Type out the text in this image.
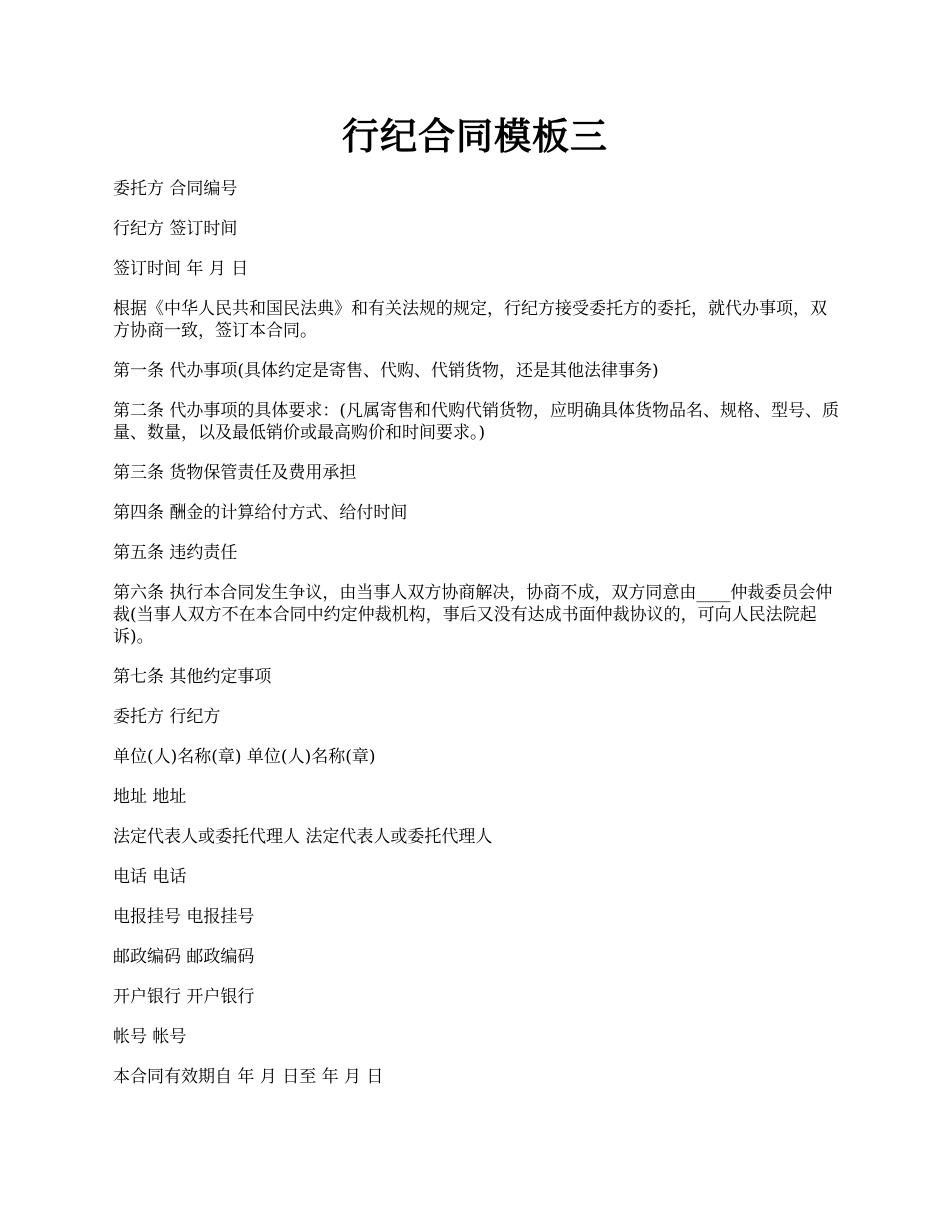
行纪合同模板三

委托方 合同编号

行纪方 签订时间

签订时间 年 月 日

根据《中华人民共和国民法典》和有关法规的规定，行纪方接受委托方的委托，就代办事项，双方协商一致，签订本合同。

第一条 代办事项(具体约定是寄售、代购、代销货物，还是其他法律事务)

第二条 代办事项的具体要求：(凡属寄售和代购代销货物，应明确具体货物品名、规格、型号、质量、数量，以及最低销价或最高购价和时间要求。)

第三条 货物保管责任及费用承担

第四条 酬金的计算给付方式、给付时间

第五条 违约责任

第六条 执行本合同发生争议，由当事人双方协商解决，协商不成，双方同意由____仲裁委员会仲裁(当事人双方不在本合同中约定仲裁机构，事后又没有达成书面仲裁协议的，可向人民法院起诉)。

第七条 其他约定事项

委托方 行纪方

单位(人)名称(章) 单位(人)名称(章)

地址 地址

法定代表人或委托代理人 法定代表人或委托代理人

电话 电话

电报挂号 电报挂号

邮政编码 邮政编码

开户银行 开户银行

帐号 帐号

本合同有效期自 年 月 日至 年 月 日
